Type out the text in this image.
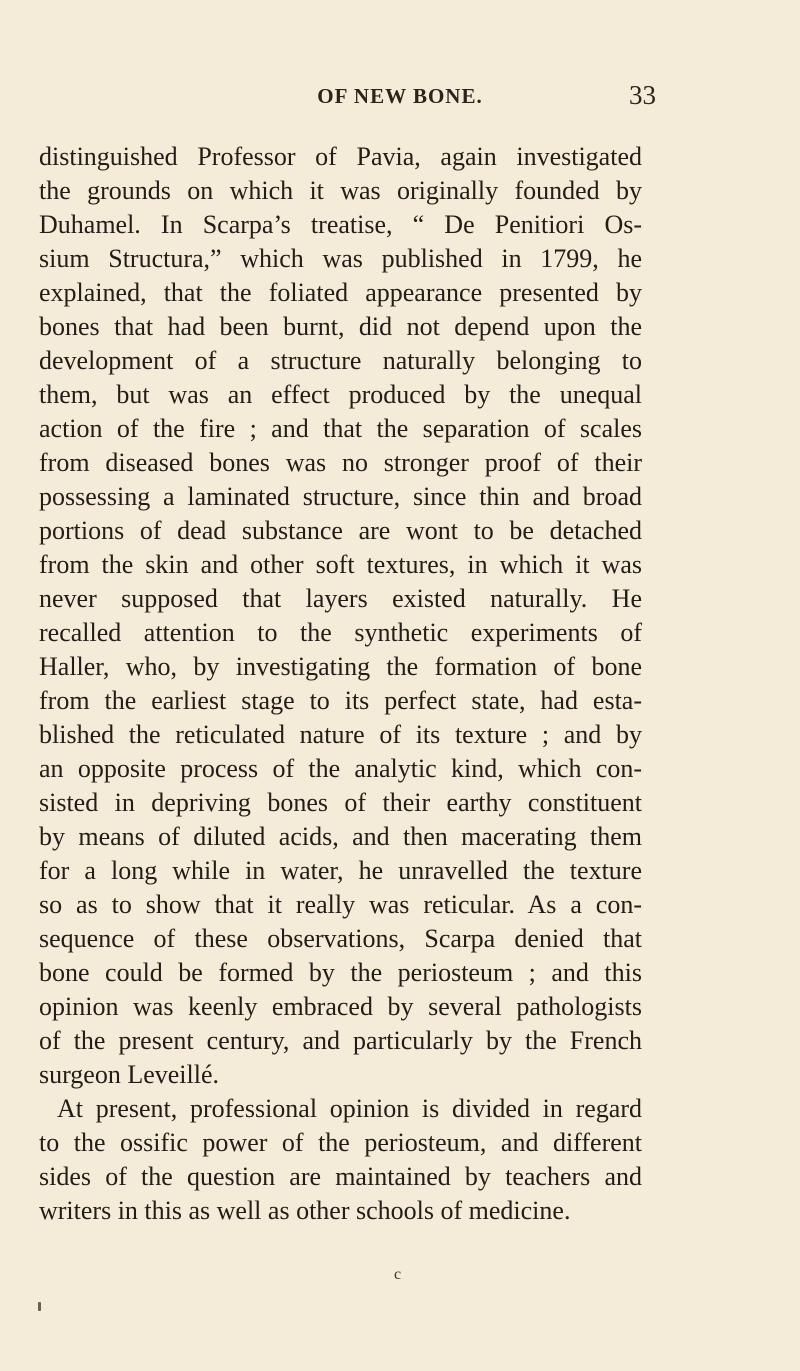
OF NEW BONE.	33
distinguished Professor of Pavia, again investigated
the grounds on which it was originally founded by
Duhamel. In Scarpa’s treatise, “ De Penitiori Os-
sium Structura,” which was published in 1799, he
explained, that the foliated appearance presented by
bones that had been burnt, did not depend upon the
development of a structure naturally belonging to
them, but was an effect produced by the unequal
action of the fire ; and that the separation of scales
from diseased bones was no stronger proof of their
possessing a laminated structure, since thin and broad
portions of dead substance are wont to be detached
from the skin and other soft textures, in which it was
never supposed that layers existed naturally. He
recalled attention to the synthetic experiments of
Haller, who, by investigating the formation of bone
from the earliest stage to its perfect state, had esta-
blished the reticulated nature of its texture ; and by
an opposite process of the analytic kind, which con-
sisted in depriving bones of their earthy constituent
by means of diluted acids, and then macerating them
for a long while in water, he unravelled the texture
so as to show that it really was reticular. As a con-
sequence of these observations, Scarpa denied that
bone could be formed by the periosteum ; and this
opinion was keenly embraced by several pathologists
of the present century, and particularly by the French
surgeon Leveillé.
At present, professional opinion is divided in regard
to the ossific power of the periosteum, and different
sides of the question are maintained by teachers and
writers in this as well as other schools of medicine.
c
